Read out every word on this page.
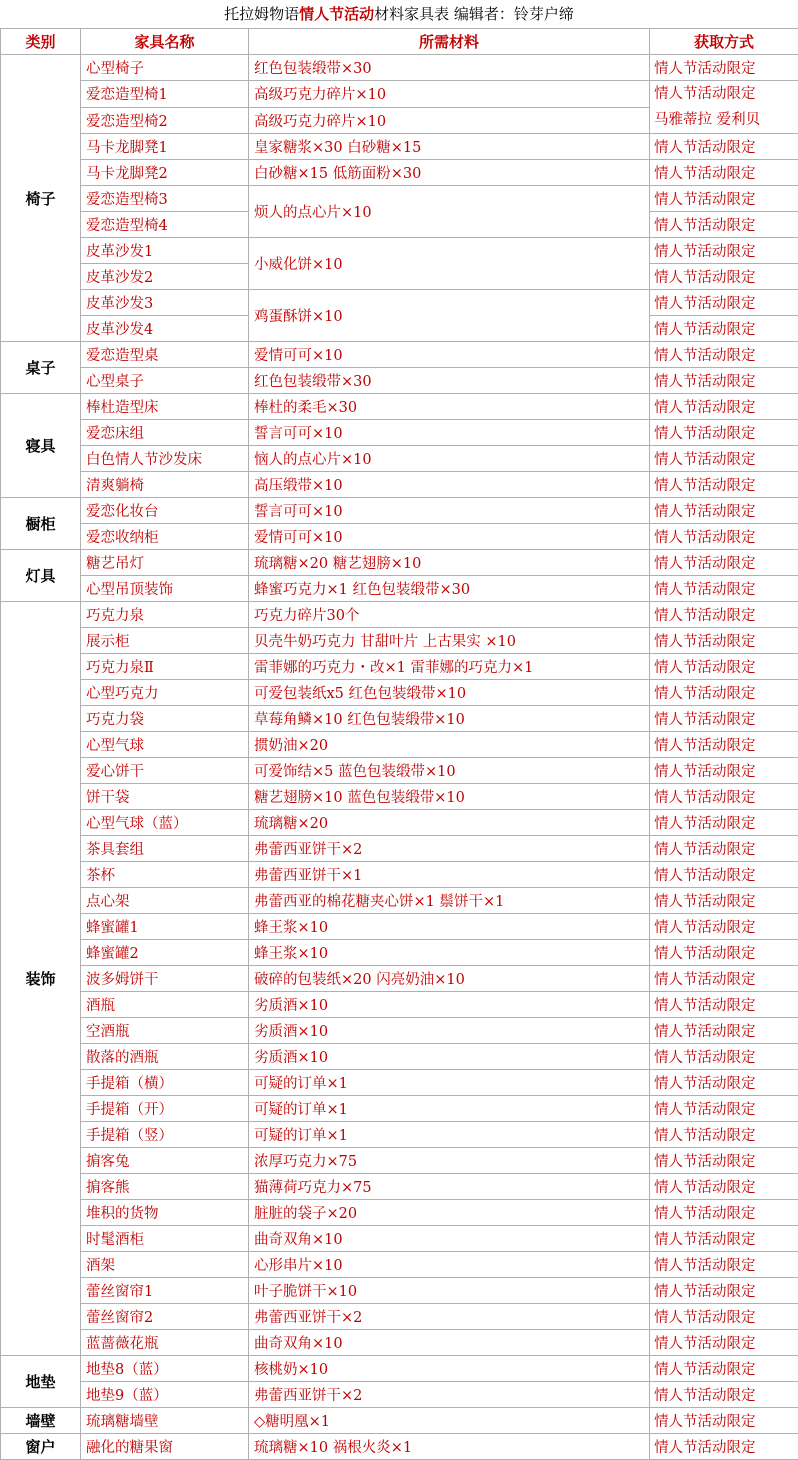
托拉姆物语情人节活动材料家具表 编辑者：铃芽户缔
类别	家具名称	所需材料	获取方式
椅子	心型椅子	红色包装缎带×30	情人节活动限定
	爱恋造型椅1	高级巧克力碎片×10	情人节活动限定
马雅蒂拉 爱利贝
	爱恋造型椅2	高级巧克力碎片×10	
	马卡龙脚凳1	皇家糖浆×30 白砂糖×15	情人节活动限定
	马卡龙脚凳2	白砂糖×15 低筋面粉×30	情人节活动限定
	爱恋造型椅3	烦人的点心片×10	情人节活动限定
	爱恋造型椅4		情人节活动限定
	皮革沙发1	小威化饼×10	情人节活动限定
	皮革沙发2		情人节活动限定
	皮革沙发3	鸡蛋酥饼×10	情人节活动限定
	皮革沙发4		情人节活动限定
桌子	爱恋造型桌	爱情可可×10	情人节活动限定
	心型桌子	红色包装缎带×30	情人节活动限定
寝具	棒杜造型床	棒杜的柔毛×30	情人节活动限定
	爱恋床组	誓言可可×10	情人节活动限定
	白色情人节沙发床	恼人的点心片×10	情人节活动限定
	清爽躺椅	高压缎带×10	情人节活动限定
橱柜	爱恋化妆台	誓言可可×10	情人节活动限定
	爱恋收纳柜	爱情可可×10	情人节活动限定
灯具	糖艺吊灯	琉璃糖×20 糖艺翅膀×10	情人节活动限定
	心型吊顶装饰	蜂蜜巧克力×1 红色包装缎带×30	情人节活动限定
装饰	巧克力泉	巧克力碎片30个	情人节活动限定
	展示柜	贝壳牛奶巧克力 甘甜叶片 上古果实 ×10	情人节活动限定
	巧克力泉Ⅱ	雷菲娜的巧克力・改×1 雷菲娜的巧克力×1	情人节活动限定
	心型巧克力	可爱包装纸x5 红色包装缎带×10	情人节活动限定
	巧克力袋	草莓角鳞×10 红色包装缎带×10	情人节活动限定
	心型气球	掼奶油×20	情人节活动限定
	爱心饼干	可爱饰结×5 蓝色包装缎带×10	情人节活动限定
	饼干袋	糖艺翅膀×10 蓝色包装缎带×10	情人节活动限定
	心型气球（蓝）	琉璃糖×20	情人节活动限定
	茶具套组	弗蕾西亚饼干×2	情人节活动限定
	茶杯	弗蕾西亚饼干×1	情人节活动限定
	点心架	弗蕾西亚的棉花糖夹心饼×1 鬃饼干×1	情人节活动限定
	蜂蜜罐1	蜂王浆×10	情人节活动限定
	蜂蜜罐2	蜂王浆×10	情人节活动限定
	波多姆饼干	破碎的包装纸×20 闪亮奶油×10	情人节活动限定
	酒瓶	劣质酒×10	情人节活动限定
	空酒瓶	劣质酒×10	情人节活动限定
	散落的酒瓶	劣质酒×10	情人节活动限定
	手提箱（横）	可疑的订单×1	情人节活动限定
	手提箱（开）	可疑的订单×1	情人节活动限定
	手提箱（竖）	可疑的订单×1	情人节活动限定
	掮客兔	浓厚巧克力×75	情人节活动限定
	掮客熊	猫薄荷巧克力×75	情人节活动限定
	堆积的货物	脏脏的袋子×20	情人节活动限定
	时髦酒柜	曲奇双角×10	情人节活动限定
	酒架	心形串片×10	情人节活动限定
	蕾丝窗帘1	叶子脆饼干×10	情人节活动限定
	蕾丝窗帘2	弗蕾西亚饼干×2	情人节活动限定
	蓝蔷薇花瓶	曲奇双角×10	情人节活动限定
地垫	地垫8（蓝）	核桃奶×10	情人节活动限定
	地垫9（蓝）	弗蕾西亚饼干×2	情人节活动限定
墙壁	琉璃糖墙壁	◇糖明凰×1	情人节活动限定
窗户	融化的糖果窗	琉璃糖×10 祸根火炎×1	情人节活动限定
